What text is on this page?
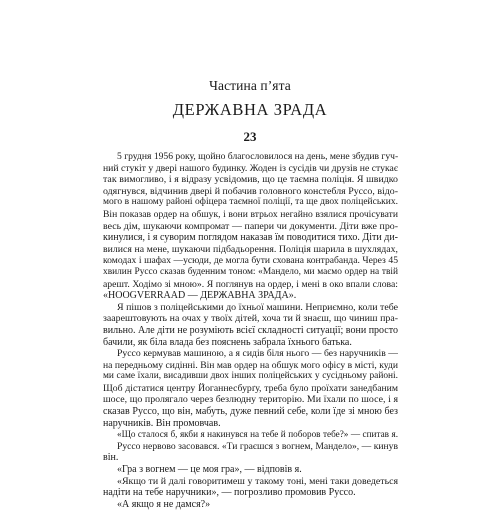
Частина п’ята
ДЕРЖАВНА ЗРАДА
23
5 грудня 1956 року, щойно благословилося на день, мене збудив гуч-
ний стукіт у двері нашого будинку. Жоден із сусідів чи друзів не стукає
так вимогливо, і я відразу усвідомив, що це таємна поліція. Я швидко
одягнувся, відчинив двері й побачив головного констебля Руссо, відо-
мого в нашому районі офіцера таємної поліції, та ще двох поліцейських.
Він показав ордер на обшук, і вони втрьох негайно взялися прочісувати
весь дім, шукаючи компромат — папери чи документи. Діти вже про-
кинулися, і я суворим поглядом наказав їм поводитися тихо. Діти ди-
вилися на мене, шукаючи підбадьорення. Поліція шарила в шухлядах,
комодах і шафах —усюди, де могла бути схована контрабанда. Через 45
хвилин Руссо сказав буденним тоном: «Мандело, ми маємо ордер на твій
арешт. Ходімо зі мною». Я поглянув на ордер, і мені в око впали слова:
«HOOGVERRAAD — ДЕРЖАВНА ЗРАДА».
Я пішов з поліцейськими до їхньої машини. Неприємно, коли тебе
заарештовують на очах у твоїх дітей, хоча ти й знаєш, що чиниш пра-
вильно. Але діти не розуміють всієї складності ситуації; вони просто
бачили, як біла влада без пояснень забрала їхнього батька.
Руссо кермував машиною, а я сидів біля нього — без наручників —
на передньому сидінні. Він мав ордер на обшук мого офісу в місті, куди
ми саме їхали, висадивши двох інших поліцейських у сусідньому районі.
Щоб дістатися центру Йоганнесбурґу, треба було проїхати занедбаним
шосе, що пролягало через безлюдну територію. Ми їхали по шосе, і я
сказав Руссо, що він, мабуть, дуже певний себе, коли їде зі мною без
наручників. Він промовчав.
«Що сталося б, якби я накинувся на тебе й поборов тебе?» — спитав я.
Руссо нервово засовався. «Ти граєшся з вогнем, Мандело», — кинув
він.
«Гра з вогнем — це моя гра», — відповів я.
«Якщо ти й далі говоритимеш у такому тоні, мені таки доведеться
надіти на тебе наручники», — погрозливо промовив Руссо.
«А якщо я не дамся?»
